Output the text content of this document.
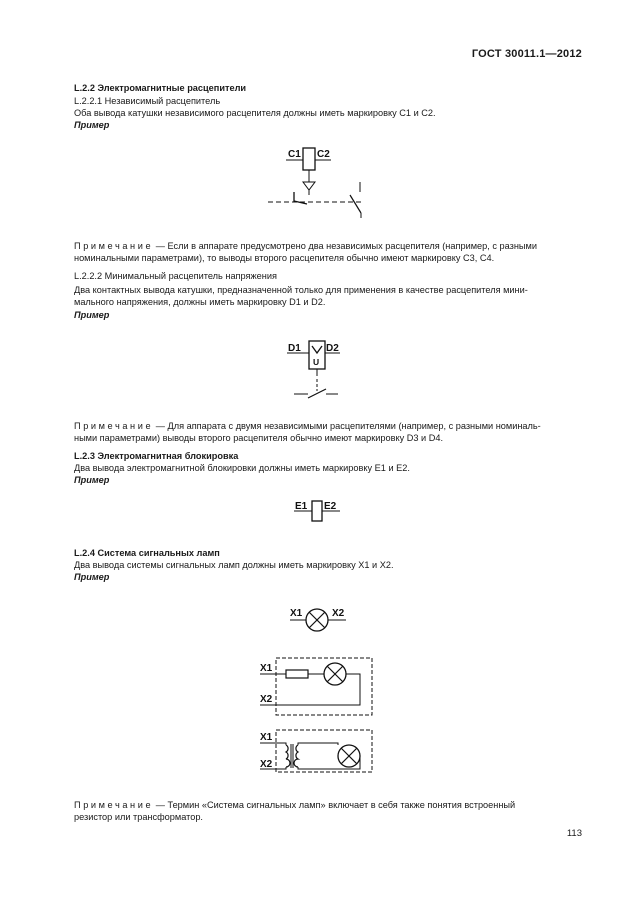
ГОСТ 30011.1—2012
L.2.2 Электромагнитные расцепители
L.2.2.1 Независимый расцепитель
Оба вывода катушки независимого расцепителя должны иметь маркировку С1 и С2.
Пример
C1 C2
Примечание — Если в аппарате предусмотрено два независимых расцепителя (например, с разными
номинальными параметрами), то выводы второго расцепителя обычно имеют маркировку С3, С4.
L.2.2.2 Минимальный расцепитель напряжения
Два контактных вывода катушки, предназначенной только для применения в качестве расцепителя мини-
мального напряжения, должны иметь маркировку D1 и D2.
Пример
D1	D2
U
Примечание — Для аппарата с двумя независимыми расцепителями (например, с разными номиналь-
ными параметрами) выводы второго расцепителя обычно имеют маркировку D3 и D4.
L.2.3 Электромагнитная блокировка
Два вывода электромагнитной блокировки должны иметь маркировку Е1 и Е2.
Пример
E1 E2
L.2.4 Система сигнальных ламп
Два вывода системы сигнальных ламп должны иметь маркировку Х1 и Х2.
Пример
X1	X2
X1
X2
X1
X2
Примечание — Термин «Система сигнальных ламп» включает в себя также понятия встроенный
резистор или трансформатор.
113
